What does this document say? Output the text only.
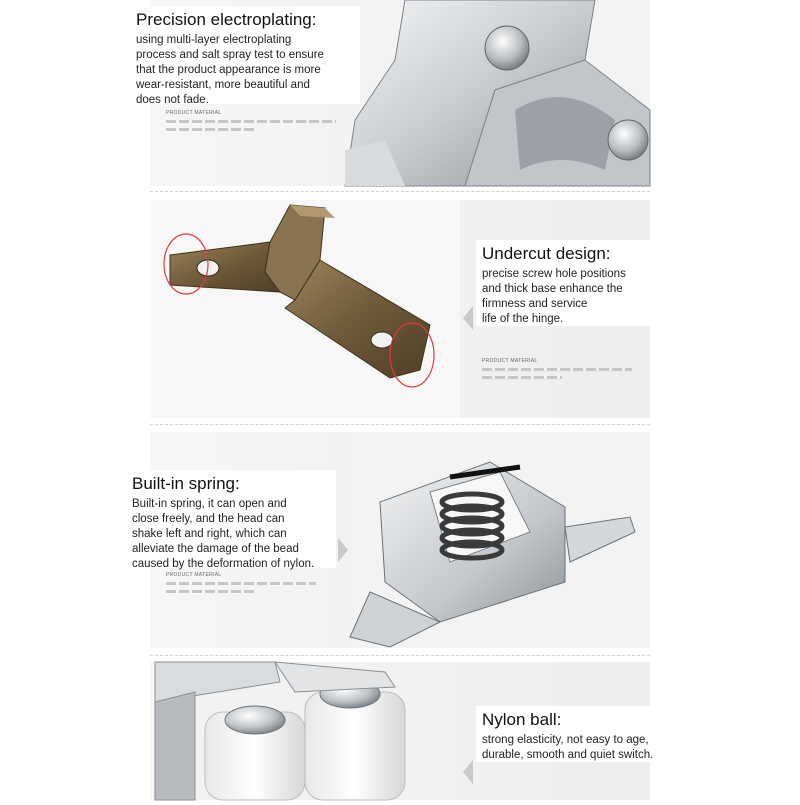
Precision electroplating:

using multi-layer electroplating
process and salt spray test to ensure
that the product appearance is more
wear-resistant, more beautiful and
does not fade.

PRODUCT MATERIAL
Undercut design:

precise screw hole positions
and thick base enhance the
firmness and service
life of the hinge.

PRODUCT MATERIAL
Built-in spring:

Built-in spring, it can open and
close freely, and the head can
shake left and right, which can
alleviate the damage of the bead
caused by the deformation of nylon.

PRODUCT MATERIAL
Nylon ball:

strong elasticity, not easy to age,
durable, smooth and quiet switch.
